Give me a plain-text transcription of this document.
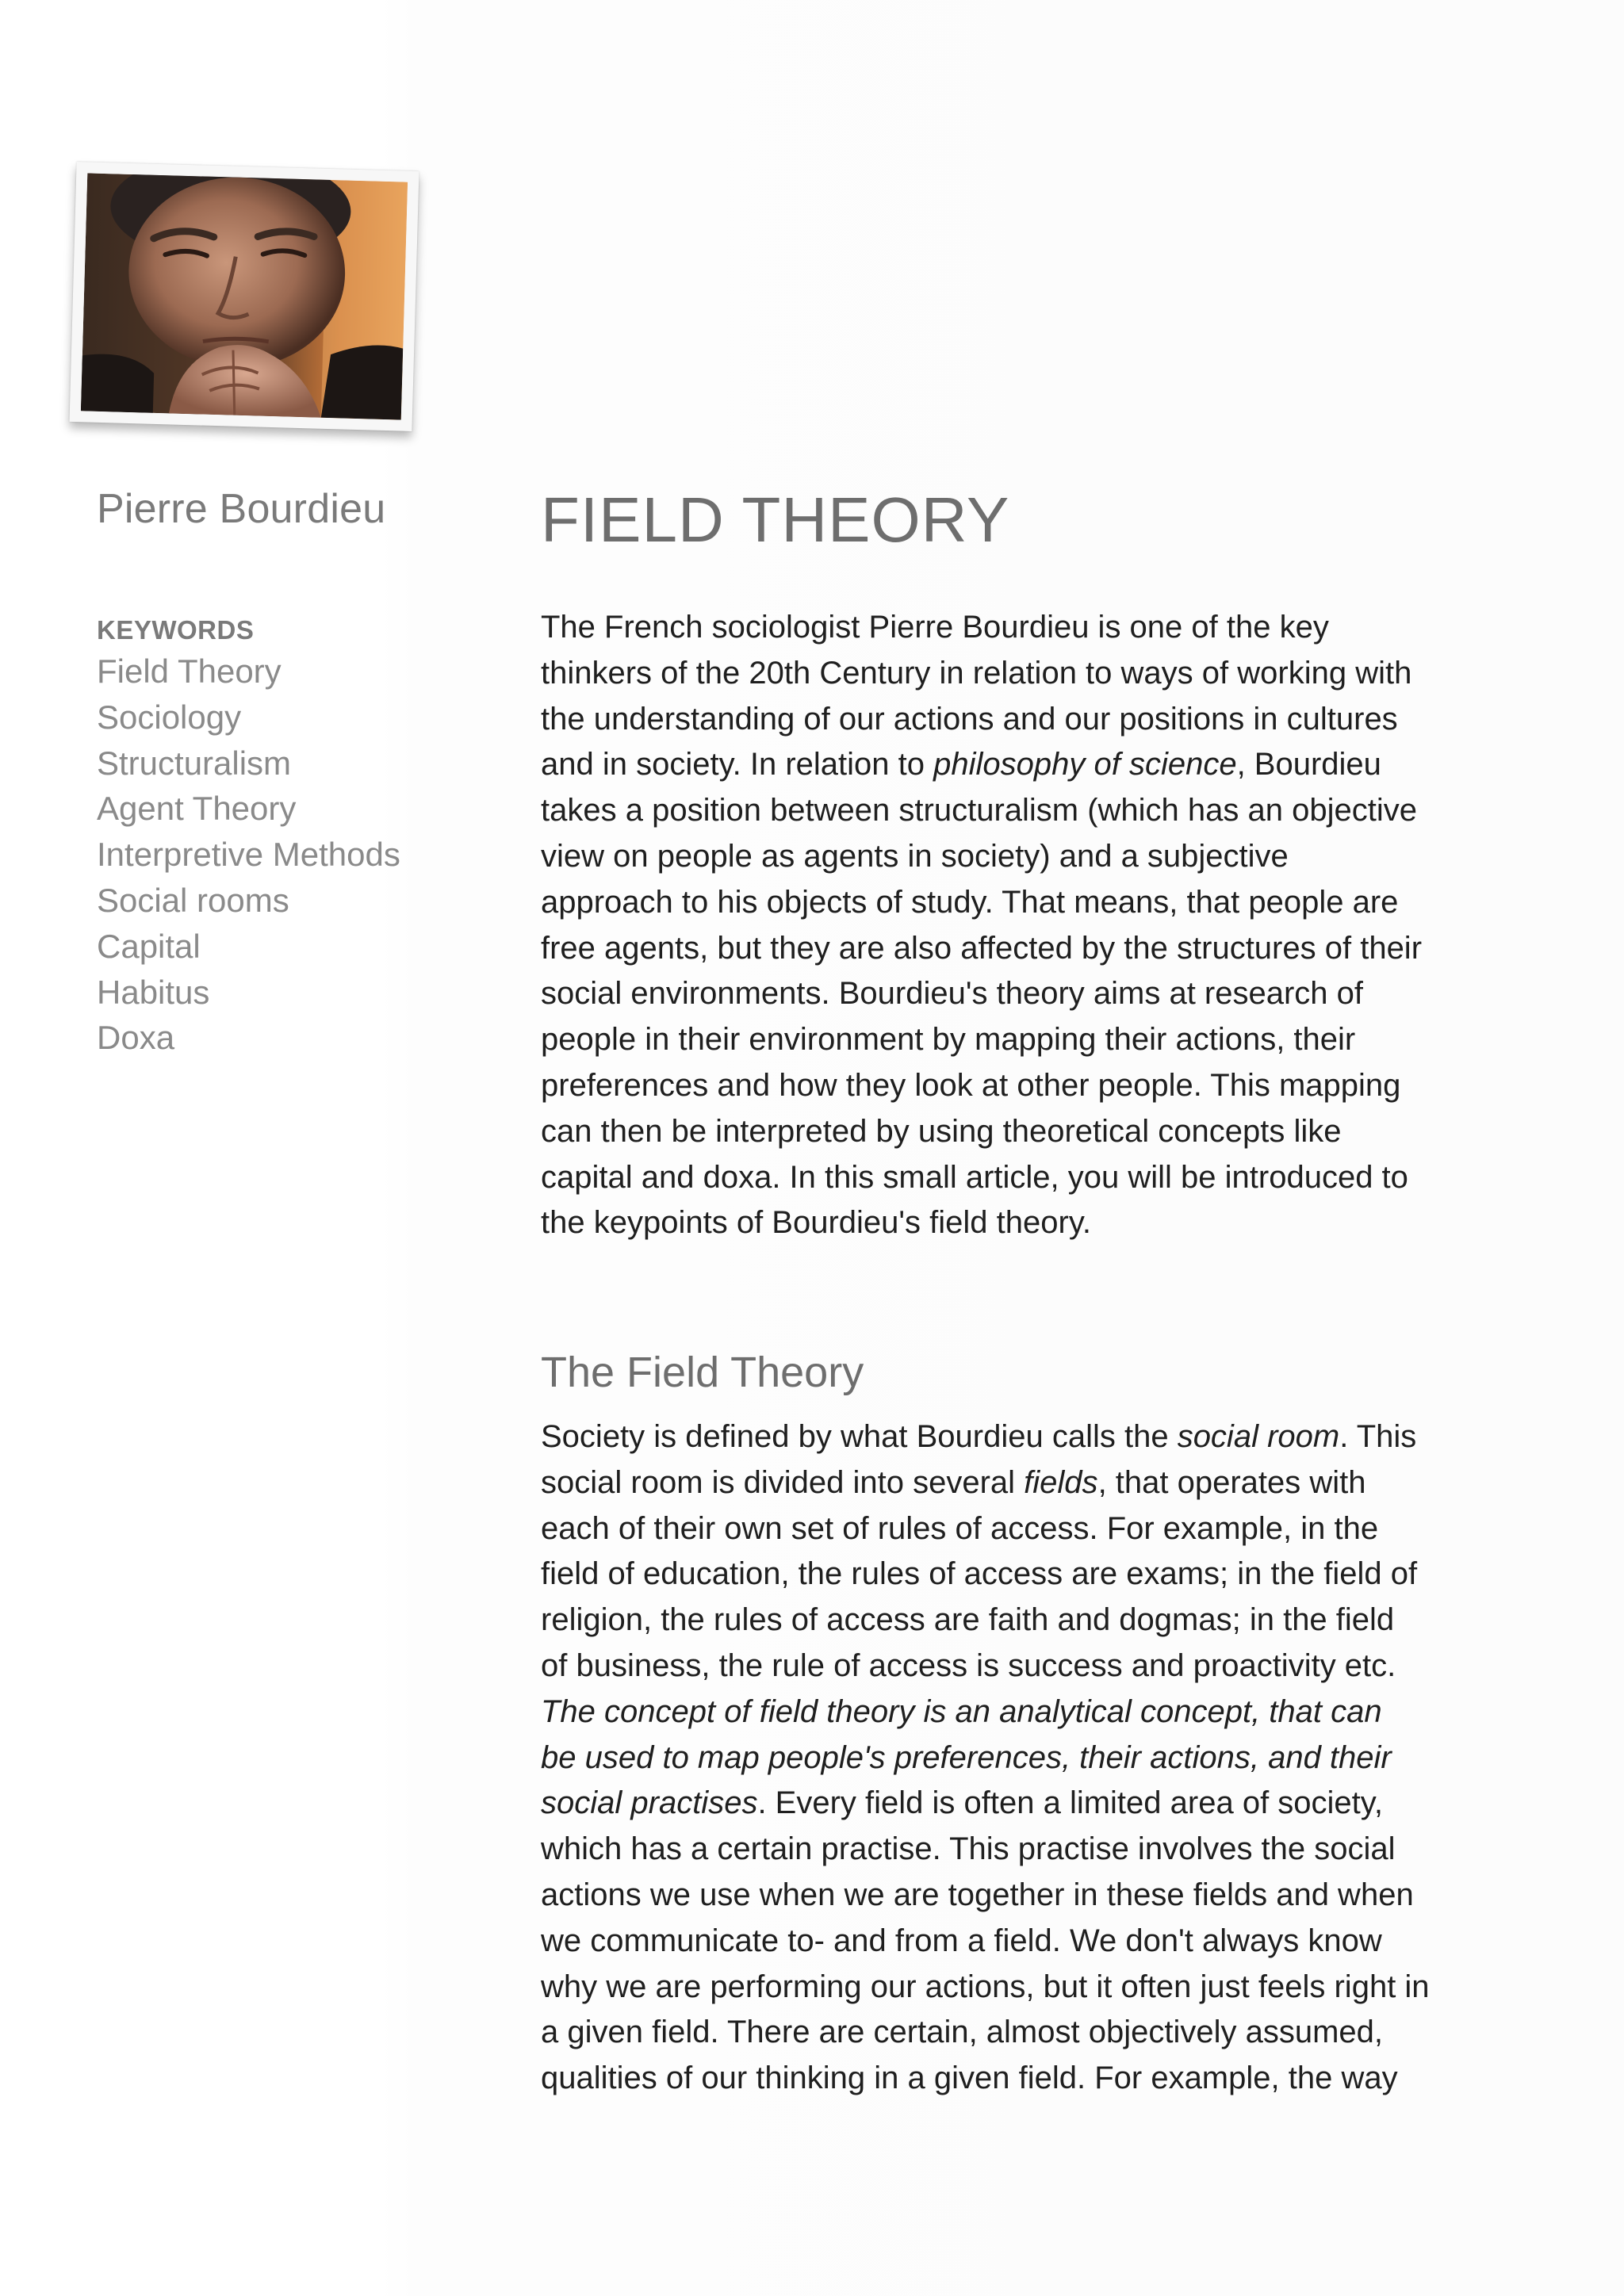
Pierre Bourdieu
KEYWORDS
Field Theory
Sociology
Structuralism
Agent Theory
Interpretive Methods
Social rooms
Capital
Habitus
Doxa
FIELD THEORY
The French sociologist Pierre Bourdieu is one of the key
thinkers of the 20th Century in relation to ways of working with
the understanding of our actions and our positions in cultures
and in society. In relation to philosophy of science, Bourdieu
takes a position between structuralism (which has an objective
view on people as agents in society) and a subjective
approach to his objects of study. That means, that people are
free agents, but they are also affected by the structures of their
social environments. Bourdieu's theory aims at research of
people in their environment by mapping their actions, their
preferences and how they look at other people. This mapping
can then be interpreted by using theoretical concepts like
capital and doxa. In this small article, you will be introduced to
the keypoints of Bourdieu's field theory.
The Field Theory
Society is defined by what Bourdieu calls the social room. This
social room is divided into several fields, that operates with
each of their own set of rules of access. For example, in the
field of education, the rules of access are exams; in the field of
religion, the rules of access are faith and dogmas; in the field
of business, the rule of access is success and proactivity etc.
The concept of field theory is an analytical concept, that can
be used to map people's preferences, their actions, and their
social practises. Every field is often a limited area of society,
which has a certain practise. This practise involves the social
actions we use when we are together in these fields and when
we communicate to- and from a field. We don't always know
why we are performing our actions, but it often just feels right in
a given field. There are certain, almost objectively assumed,
qualities of our thinking in a given field. For example, the way
